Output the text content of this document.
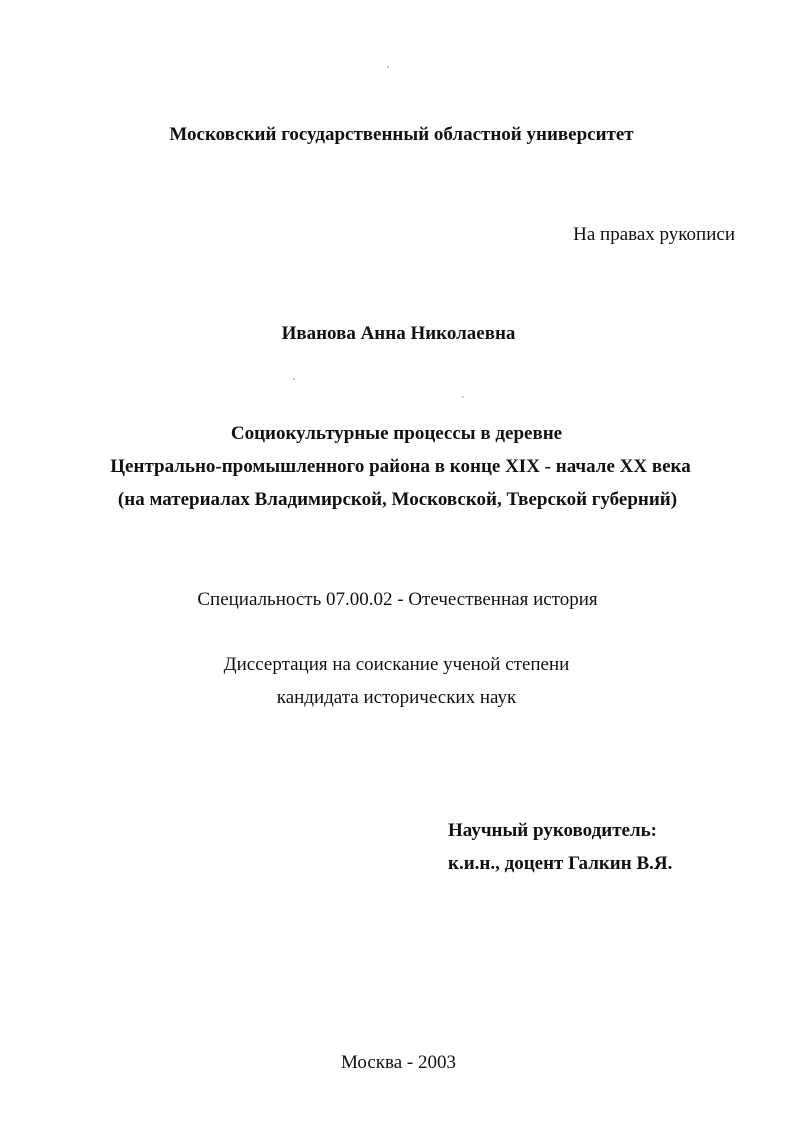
Московский государственный областной университет
На правах рукописи
Иванова Анна Николаевна
Социокультурные процессы в деревне
Центрально-промышленного района в конце XIX - начале XX века
(на материалах Владимирской, Московской, Тверской губерний)
Специальность 07.00.02 - Отечественная история
Диссертация на соискание ученой степени
кандидата исторических наук
Научный руководитель:
к.и.н., доцент Галкин В.Я.
Москва - 2003
